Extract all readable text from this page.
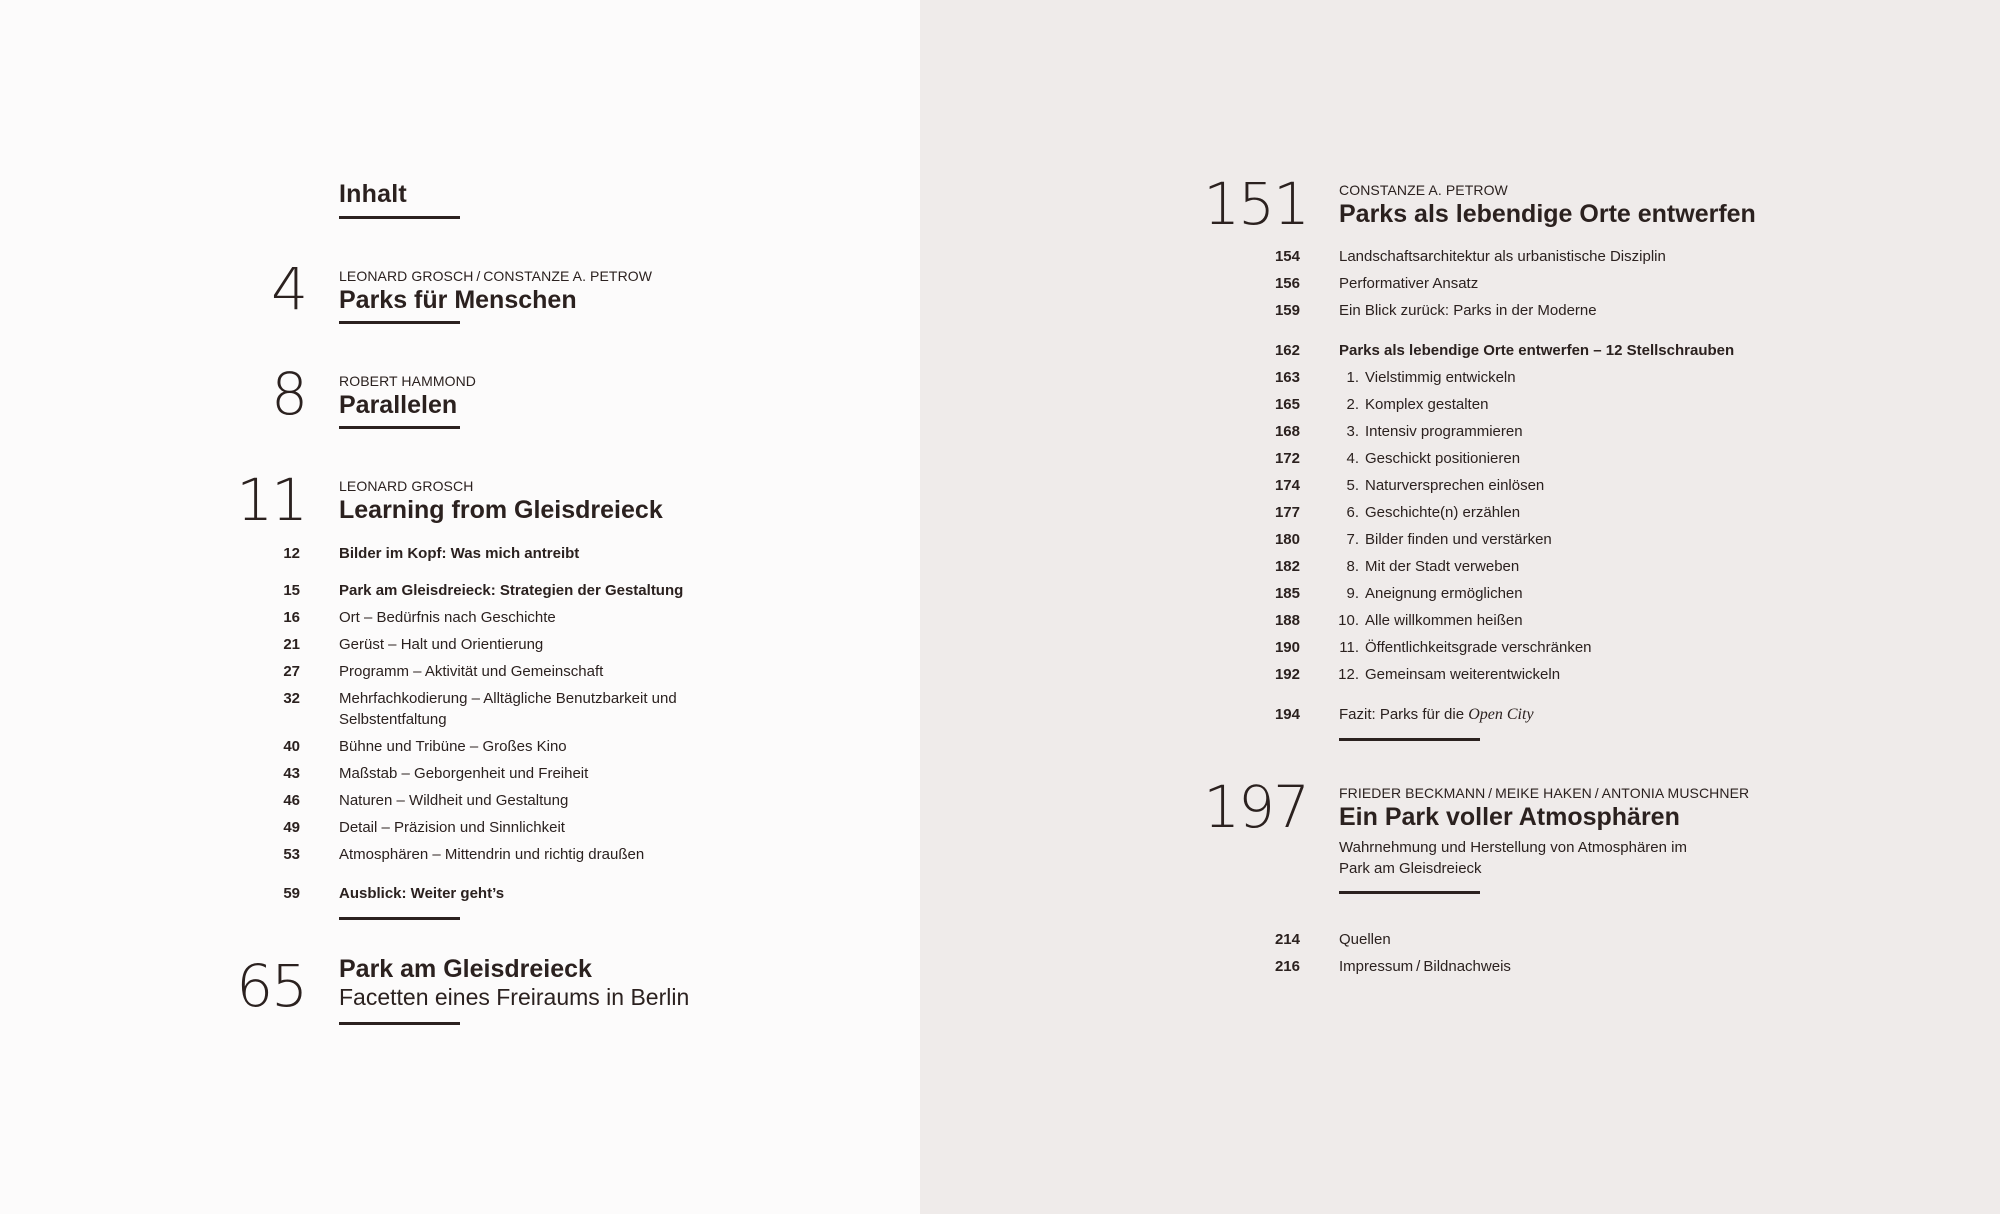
Inhalt
4 LEONARD GROSCH / CONSTANZE A. PETROW
Parks für Menschen
8 ROBERT HAMMOND
Parallelen
11 LEONARD GROSCH
Learning from Gleisdreieck
12	Bilder im Kopf: Was mich antreibt
15	Park am Gleisdreieck: Strategien der Gestaltung
16	Ort – Bedürfnis nach Geschichte
21	Gerüst – Halt und Orientierung
27	Programm – Aktivität und Gemeinschaft
32	Mehrfachkodierung – Alltägliche Benutzbarkeit und Selbstentfaltung
40	Bühne und Tribüne – Großes Kino
43	Maßstab – Geborgenheit und Freiheit
46	Naturen – Wildheit und Gestaltung
49	Detail – Präzision und Sinnlichkeit
53	Atmosphären – Mittendrin und richtig draußen
59	Ausblick: Weiter geht’s
65 Park am Gleisdreieck
Facetten eines Freiraums in Berlin
151 CONSTANZE A. PETROW
Parks als lebendige Orte entwerfen
154	Landschaftsarchitektur als urbanistische Disziplin
156	Performativer Ansatz
159	Ein Blick zurück: Parks in der Moderne
162	Parks als lebendige Orte entwerfen – 12 Stellschrauben
163	1. Vielstimmig entwickeln
165	2. Komplex gestalten
168	3. Intensiv programmieren
172	4. Geschickt positionieren
174	5. Naturversprechen einlösen
177	6. Geschichte(n) erzählen
180	7. Bilder finden und verstärken
182	8. Mit der Stadt verweben
185	9. Aneignung ermöglichen
188	10. Alle willkommen heißen
190	11. Öffentlichkeitsgrade verschränken
192	12. Gemeinsam weiterentwickeln
194	Fazit: Parks für die Open City
197 FRIEDER BECKMANN / MEIKE HAKEN / ANTONIA MUSCHNER
Ein Park voller Atmosphären
Wahrnehmung und Herstellung von Atmosphären im Park am Gleisdreieck
214	Quellen
216	Impressum / Bildnachweis
